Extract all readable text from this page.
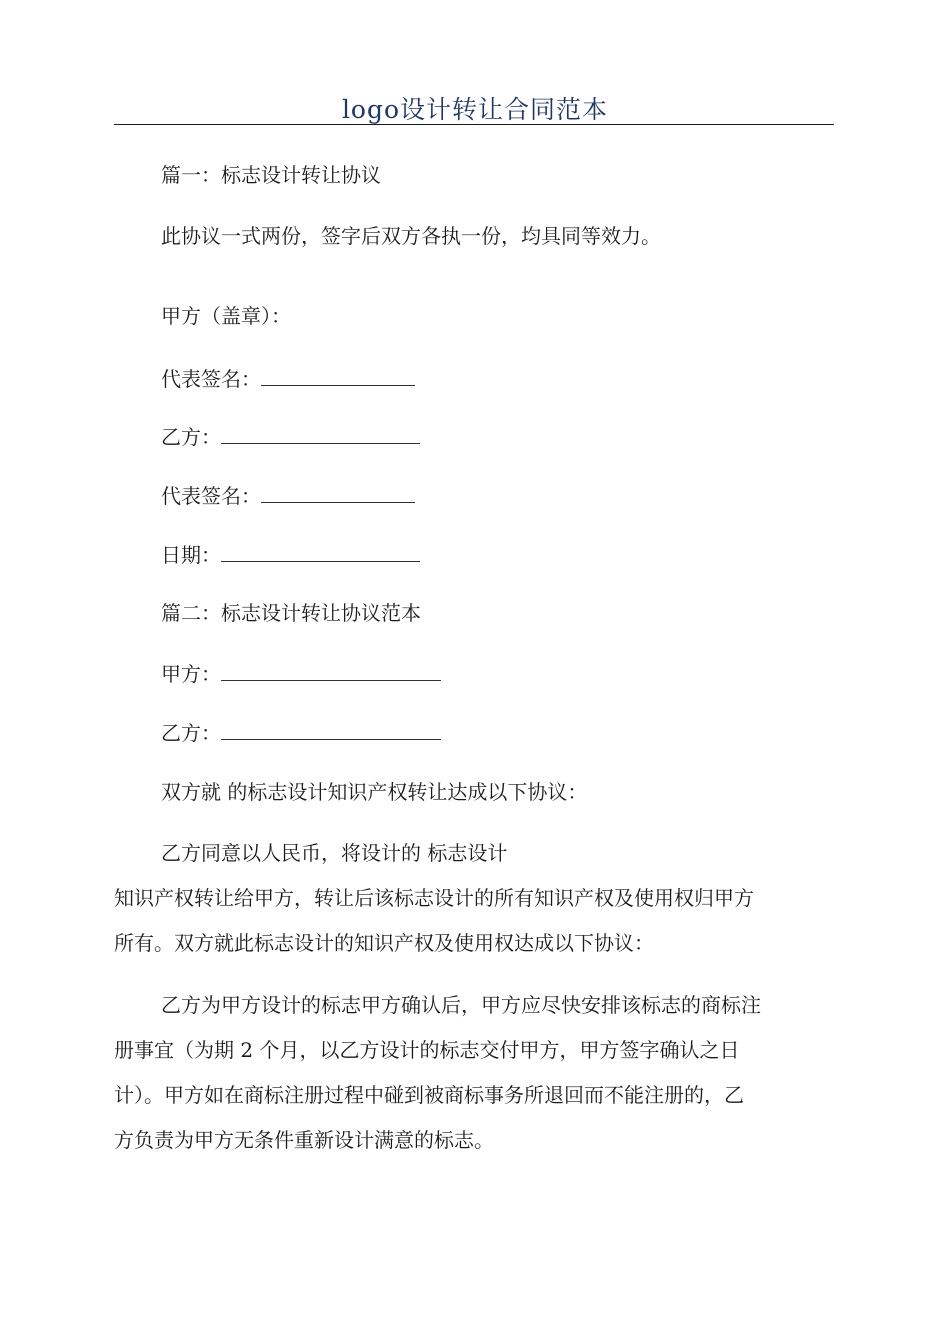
logo设计转让合同范本
篇一：标志设计转让协议
此协议一式两份，签字后双方各执一份，均具同等效力。
甲方（盖章）：
代表签名：
乙方：
代表签名：
日期：
篇二：标志设计转让协议范本
甲方：
乙方：
双方就 的标志设计知识产权转让达成以下协议：
乙方同意以人民币，将设计的 标志设计
知识产权转让给甲方，转让后该标志设计的所有知识产权及使用权归甲方
所有。双方就此标志设计的知识产权及使用权达成以下协议：
乙方为甲方设计的标志甲方确认后，甲方应尽快安排该标志的商标注
册事宜（为期 2 个月，以乙方设计的标志交付甲方，甲方签字确认之日
计）。甲方如在商标注册过程中碰到被商标事务所退回而不能注册的，乙
方负责为甲方无条件重新设计满意的标志。
